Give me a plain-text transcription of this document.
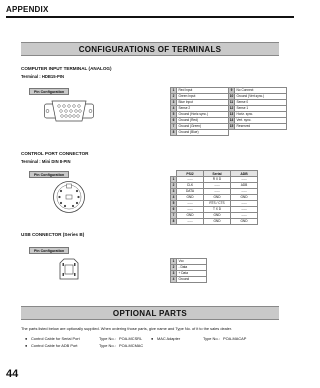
APPENDIX
CONFIGURATIONS OF TERMINALS
COMPUTER INPUT TERMINAL (ANALOG)
Terminal : HDB15-PIN
Pin Configuration	1	Red Input	9	No Connect
2	Green Input	10	Ground (Vert.sync.)
3	Blue Input	11	Sense 0
4	Sense 2	12	Sense 1
5	Ground (Horiz.sync.)	13	Horiz. sync.
6	Ground (Red)	14	Vert. sync.
7	Ground (Green)	15	Reserved
8	Ground (Blue)		
CONTROL PORT CONNECTOR
Terminal : Mini DIN 8-PIN
Pin Configuration
		PS/2	Serial	ADB
1	-----	R X D	-----
2	CLK	-----	ADB
3	DATA	-----	-----
4	GND	GND	GND
5	-----	RTS / CTS	-----
6	-----	T X D	-----
7	GND	GND	-----
8	-----	GND	GND
USB CONNECTOR (Series B)
Pin Configuration
1	Vcc
2	- Data
3	+ Data
4	Ground
OPTIONAL PARTS
The parts listed below are optionally supplied. When ordering those parts, give name and Type No. of it to the sales dealer.
● Control Cable for Serial Port	Type No.: POA-MCSRL ● MAC Adapter	Type No.: POA-MACAP
● Control Cable for ADB Port	Type No.: POA-MCMAC
44
